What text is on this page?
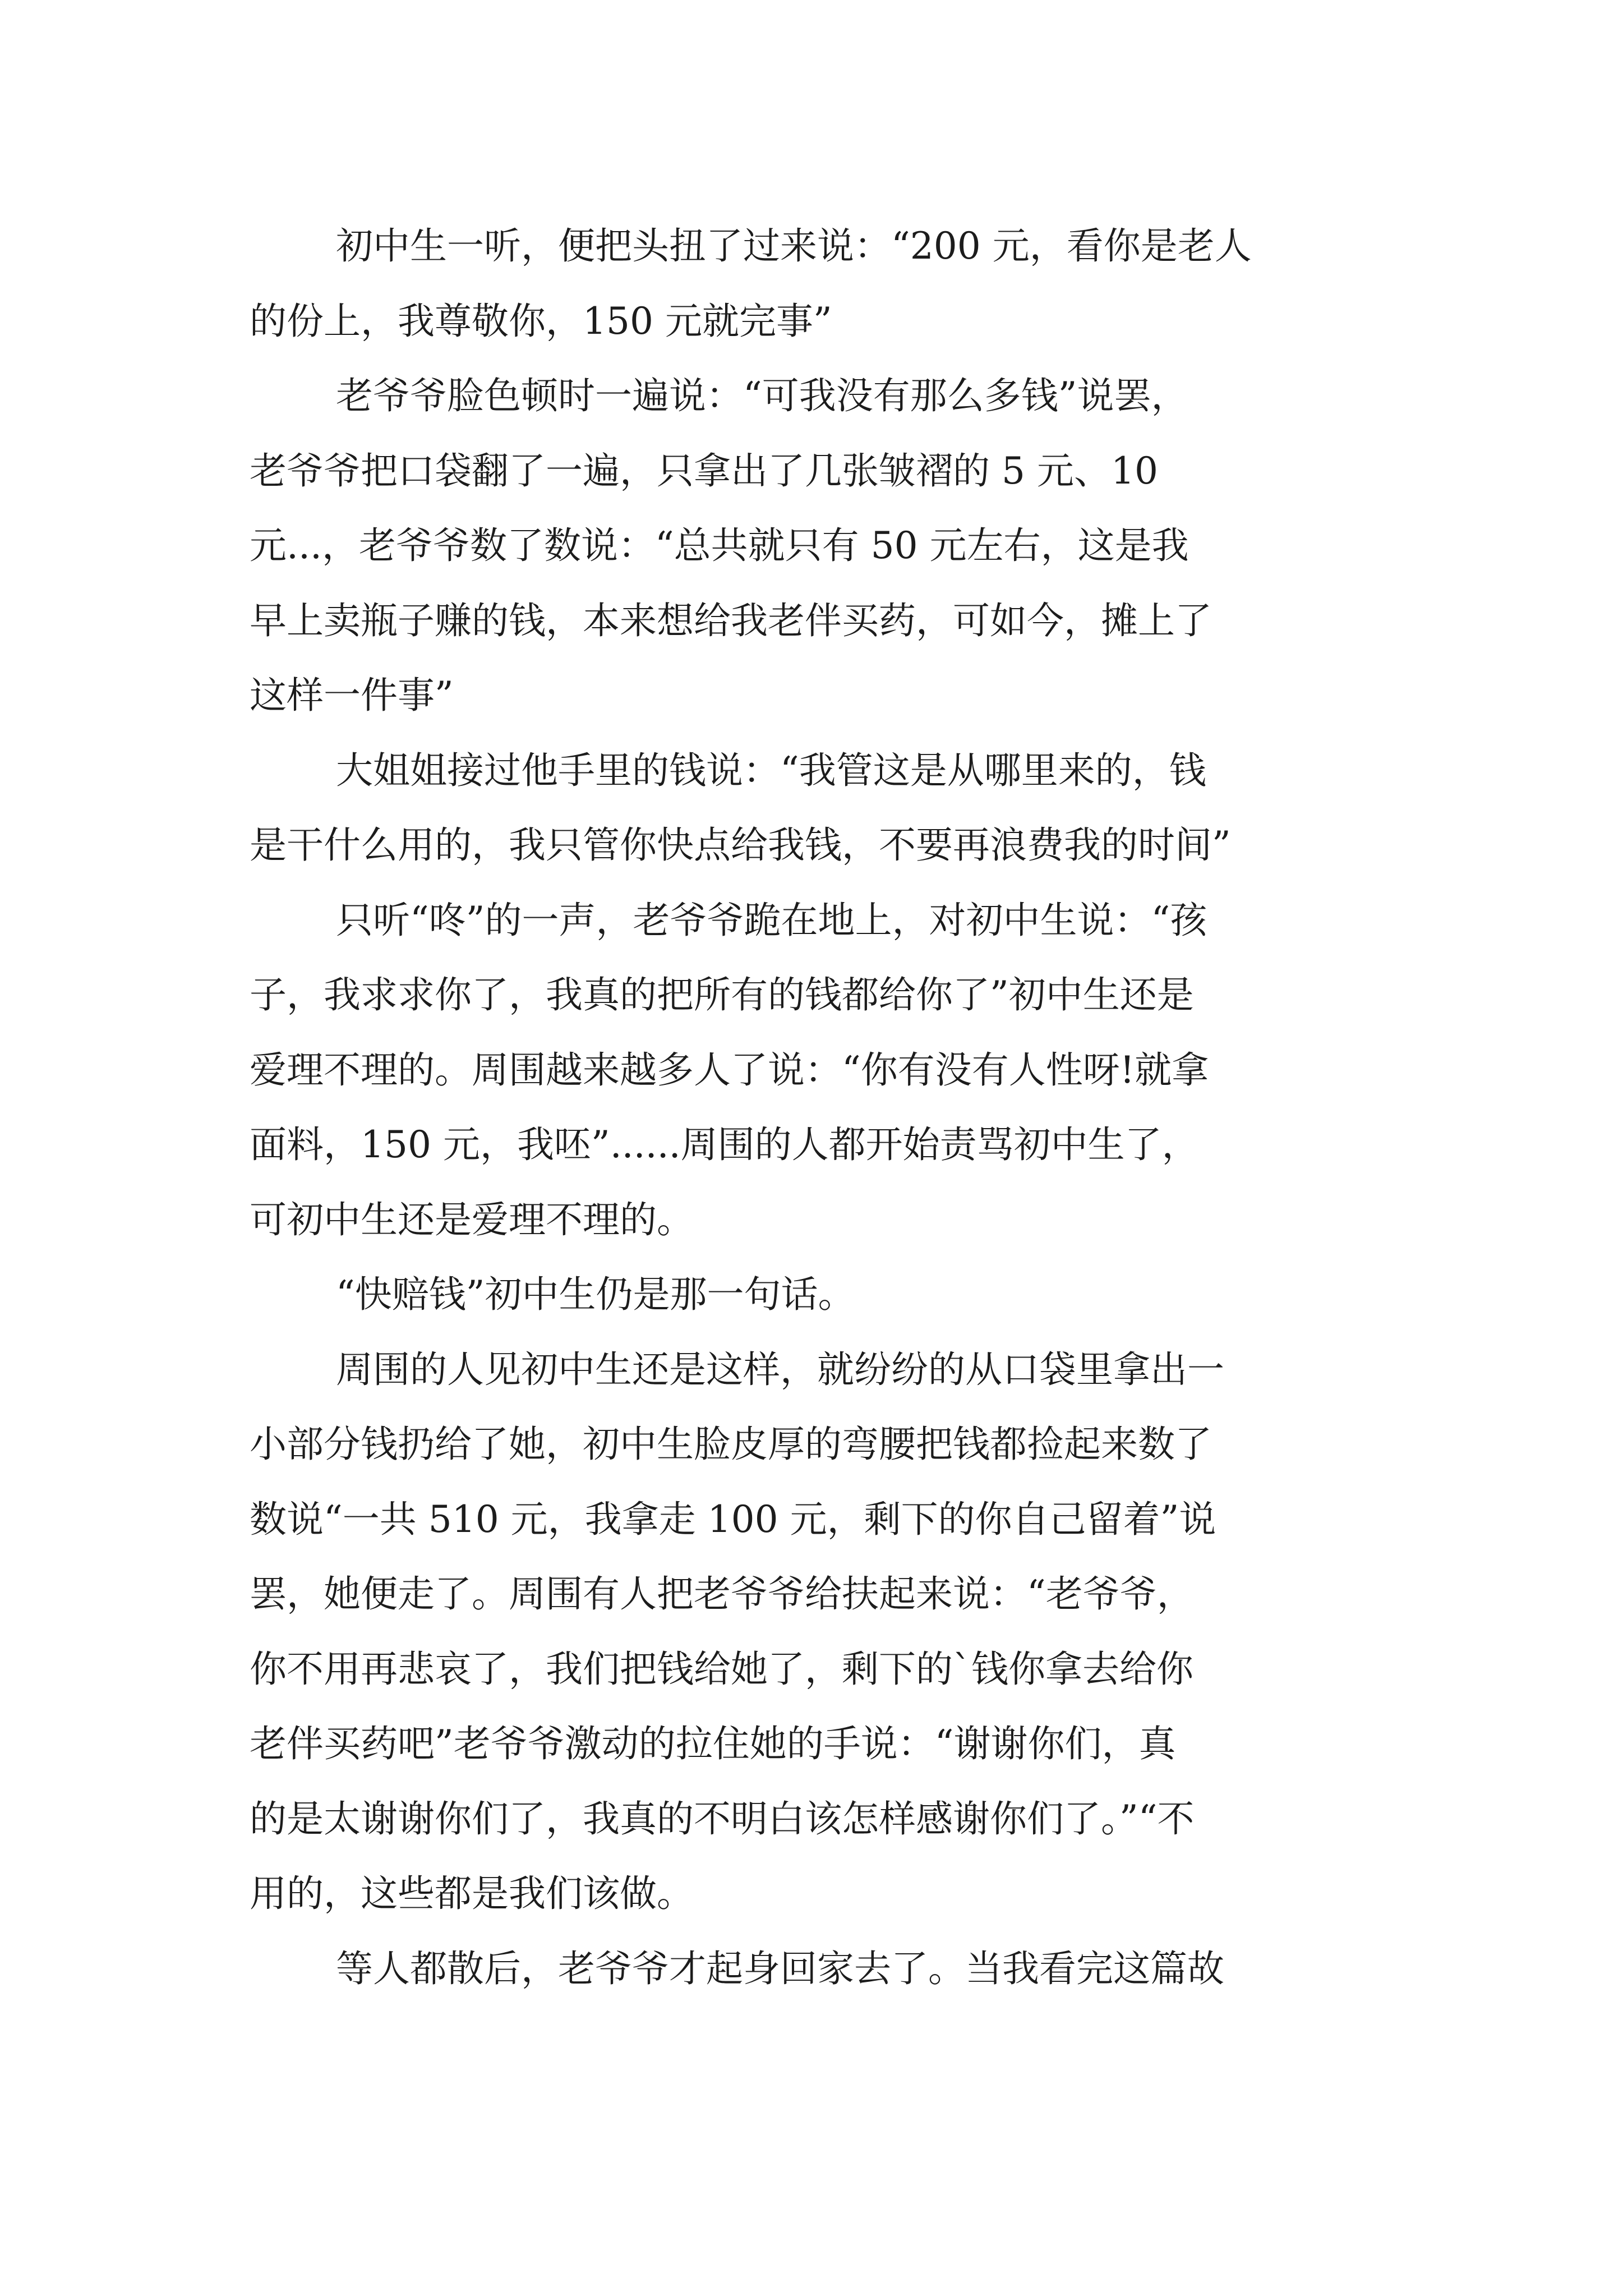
初中生一听，便把头扭了过来说：“200 元，看你是老人
的份上，我尊敬你，150 元就完事”

老爷爷脸色顿时一遍说：“可我没有那么多钱”说罢，
老爷爷把口袋翻了一遍，只拿出了几张皱褶的 5 元、10
元...，老爷爷数了数说：“总共就只有 50 元左右，这是我
早上卖瓶子赚的钱，本来想给我老伴买药，可如今，摊上了
这样一件事”

大姐姐接过他手里的钱说：“我管这是从哪里来的，钱
是干什么用的，我只管你快点给我钱，不要再浪费我的时间”

只听“咚”的一声，老爷爷跪在地上，对初中生说：“孩
子，我求求你了，我真的把所有的钱都给你了”初中生还是
爱理不理的。周围越来越多人了说：“你有没有人性呀!就拿
面料，150 元，我呸”......周围的人都开始责骂初中生了，
可初中生还是爱理不理的。

“快赔钱”初中生仍是那一句话。

周围的人见初中生还是这样，就纷纷的从口袋里拿出一
小部分钱扔给了她，初中生脸皮厚的弯腰把钱都捡起来数了
数说“一共 510 元，我拿走 100 元，剩下的你自己留着”说
罢，她便走了。周围有人把老爷爷给扶起来说：“老爷爷，
你不用再悲哀了，我们把钱给她了，剩下的`钱你拿去给你
老伴买药吧”老爷爷激动的拉住她的手说：“谢谢你们，真
的是太谢谢你们了，我真的不明白该怎样感谢你们了。”“不
用的，这些都是我们该做。

等人都散后，老爷爷才起身回家去了。当我看完这篇故
